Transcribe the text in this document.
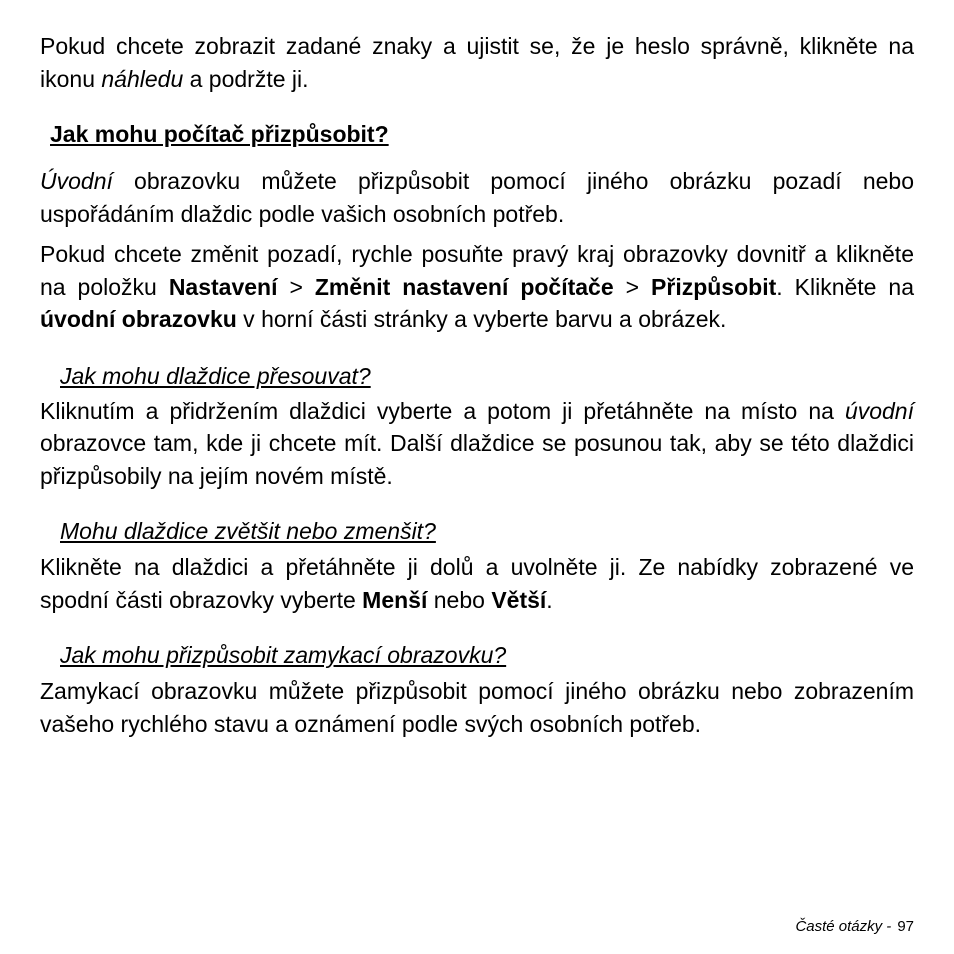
Pokud chcete zobrazit zadané znaky a ujistit se, že je heslo správně, klikněte na ikonu náhledu a podržte ji.

Jak mohu počítač přizpůsobit?

Úvodní obrazovku můžete přizpůsobit pomocí jiného obrázku pozadí nebo uspořádáním dlaždic podle vašich osobních potřeb.

Pokud chcete změnit pozadí, rychle posuňte pravý kraj obrazovky dovnitř a klikněte na položku Nastavení > Změnit nastavení počítače > Přizpůsobit. Klikněte na úvodní obrazovku v horní části stránky a vyberte barvu a obrázek.

Jak mohu dlaždice přesouvat?

Kliknutím a přidržením dlaždici vyberte a potom ji přetáhněte na místo na úvodní obrazovce tam, kde ji chcete mít. Další dlaždice se posunou tak, aby se této dlaždici přizpůsobily na jejím novém místě.

Mohu dlaždice zvětšit nebo zmenšit?

Klikněte na dlaždici a přetáhněte ji dolů a uvolněte ji. Ze nabídky zobrazené ve spodní části obrazovky vyberte Menší nebo Větší.

Jak mohu přizpůsobit zamykací obrazovku?

Zamykací obrazovku můžete přizpůsobit pomocí jiného obrázku nebo zobrazením vašeho rychlého stavu a oznámení podle svých osobních potřeb.

Časté otázky - 97
